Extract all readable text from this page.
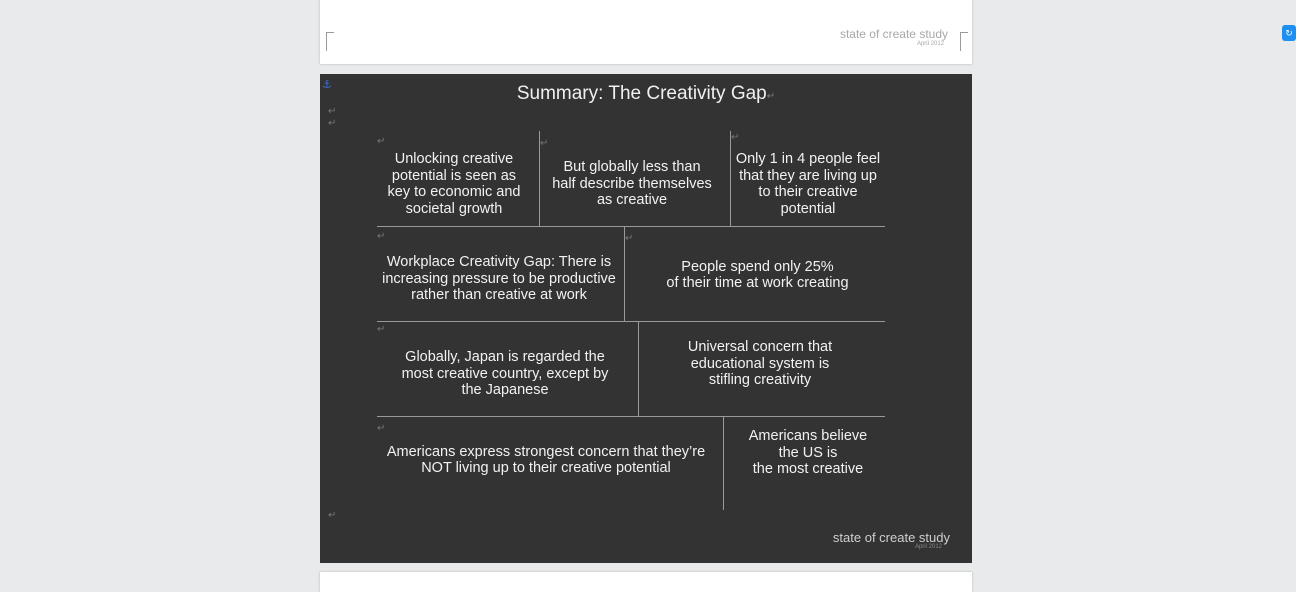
state of create study
April 2012
⚓
↵
↵
↵
Summary: The Creativity Gap↵
↵	↵
↵
↵	↵
↵
↵
Unlocking creative potential is seen as key to economic and societal growth
But globally less than half describe themselves as creative
Only 1 in 4 people feel that they are living up to their creative potential
Workplace Creativity Gap: There is increasing pressure to be productive rather than creative at work
People spend only 25%
of their time at work creating
Globally, Japan is regarded the most creative country, except by the Japanese
Universal concern that educational system is stifling creativity
Americans express strongest concern that they’re NOT living up to their creative potential
Americans believe
the US is
the most creative
state of create study
April 2012
↻
